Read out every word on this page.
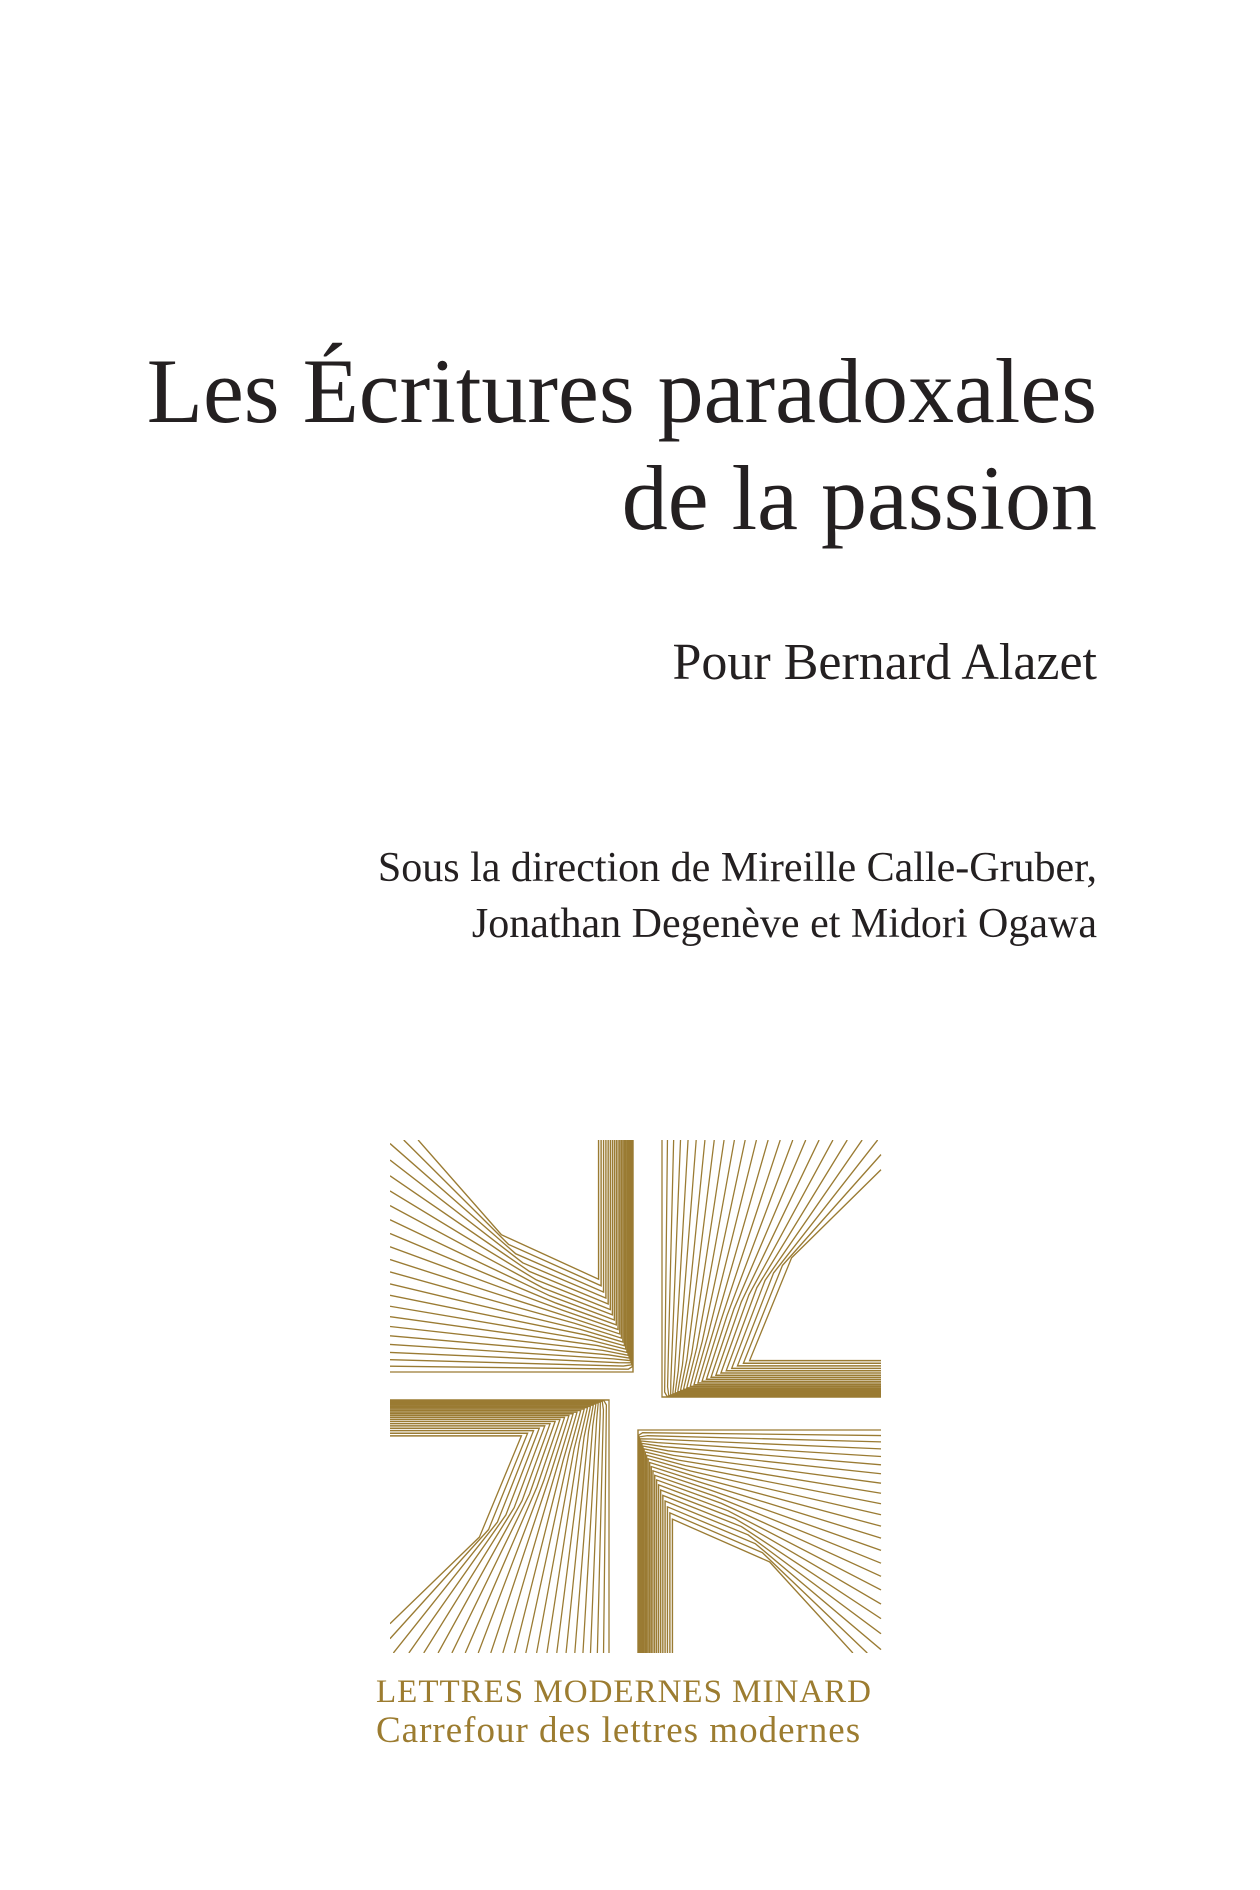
Les Écritures paradoxales
de la passion
Pour Bernard Alazet
Sous la direction de Mireille Calle-Gruber,
Jonathan Degenève et Midori Ogawa
LETTRES MODERNES MINARD
Carrefour des lettres modernes
